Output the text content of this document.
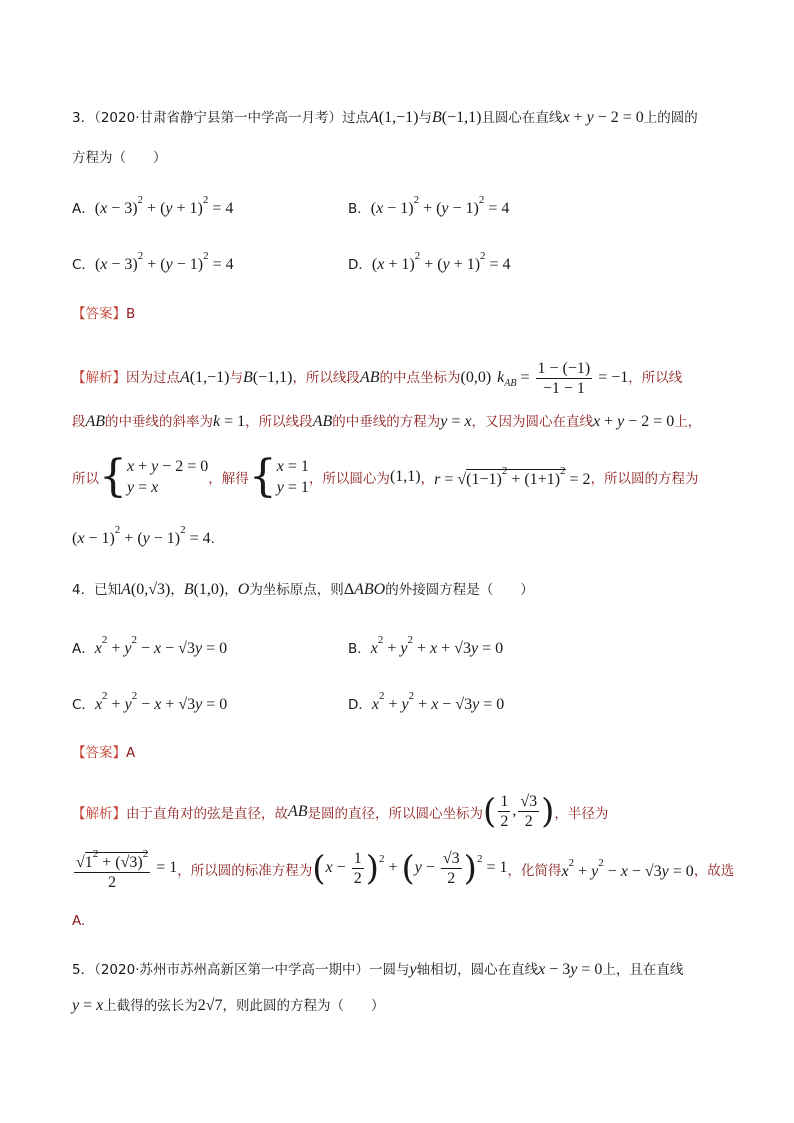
3．（2020·甘肃省静宁县第一中学高一月考）过点A(1,−1)与B(−1,1)且圆心在直线x + y − 2 = 0上的圆的
方程为（　　）
A．$(x - 3)^2 + (y + 1)^2 = 4$	B．$(x - 1)^2 + (y - 1)^2 = 4$
C．$(x - 3)^2 + (y - 1)^2 = 4$	D．$(x + 1)^2 + (y + 1)^2 = 4$
【答案】B
【解析】因为过点A(1,−1)与B(−1,1)，所以线段AB的中点坐标为(0,0) $k_{AB} = \frac{1 - (-1)}{-1 - 1} = -1$，所以线
段AB的中垂线的斜率为k = 1，所以线段AB的中垂线的方程为y = x，又因为圆心在直线x + y − 2 = 0上，
所以 { x + y − 2 = 0
y = x	，解得 { x = 1
y = 1 ，所以圆心为 (1,1) ， $r = √(1-1)^2 + (1+1)^2 = 2$ ，所以圆的方程为
$(x - 1)^2 + (y - 1)^2 = 4$.
4．已知A(0,√3)，B(1,0)，O为坐标原点，则ΔABO的外接圆方程是（　　）
A．$x^2 + y^2 - x - √3y = 0$	B．$x^2 + y^2 + x + √3y = 0$
C．$x^2 + y^2 - x + √3y = 0$	D．$x^2 + y^2 + x - √3y = 0$
【答案】A
【解析】 由于直角对的弦是直径，故 AB 是圆的直径，所以圆心坐标为 ( $\frac{1}{2}$ , $\frac{√3}{2}$ ) ，半径为
$\frac{√1^2 + (√3)^2}{2} = 1$ ，所以圆的标准方程为 $(x - \frac{1}{2} )^2 + (y - \frac{√3}{2} )^2 = 1$ ，化简得 $x^2 + y^2 - x - √3y = 0$ ，故选
A.
5．（2020·苏州市苏州高新区第一中学高一期中）一圆与y轴相切，圆心在直线x − 3y = 0上，且在直线
y = x上截得的弦长为2√7，则此圆的方程为（　　）
